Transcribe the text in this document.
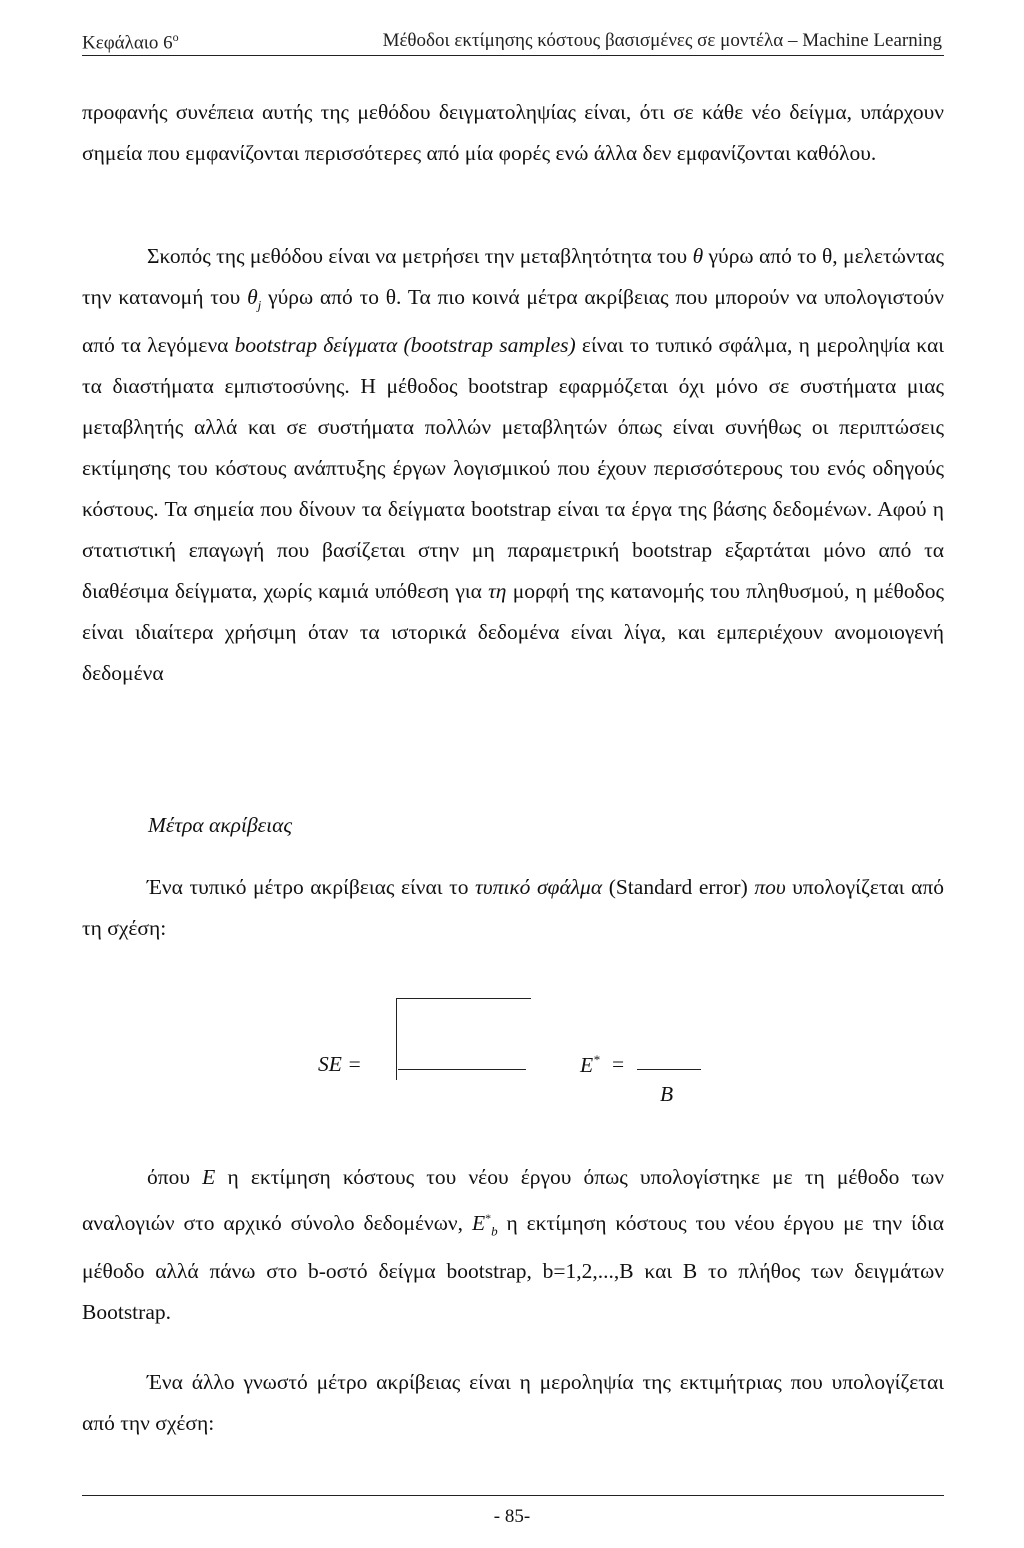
Κεφάλαιο $6^o$	Μέθοδοι εκτίμησης κόστους βασισμένες σε μοντέλα – Machine Learning

προφανής συνέπεια αυτής της μεθόδου δειγματοληψίας είναι, ότι σε κάθε νέο δείγμα, υπάρχουν σημεία που εμφανίζονται περισσότερες από μία φορές ενώ άλλα δεν εμφανίζονται καθόλου.

Σκοπός της μεθόδου είναι να μετρήσει την μεταβλητότητα του θ γύρω από το θ, μελετώντας την κατανομή του $\theta_j$ γύρω από το θ. Τα πιο κοινά μέτρα ακρίβειας που μπορούν να υπολογιστούν από τα λεγόμενα bootstrap δείγματα (bootstrap samples) είναι το τυπικό σφάλμα, η μεροληψία και τα διαστήματα εμπιστοσύνης. Η μέθοδος bootstrap εφαρμόζεται όχι μόνο σε συστήματα μιας μεταβλητής αλλά και σε συστήματα πολλών μεταβλητών όπως είναι συνήθως οι περιπτώσεις εκτίμησης του κόστους ανάπτυξης έργων λογισμικού που έχουν περισσότερους του ενός οδηγούς κόστους. Τα σημεία που δίνουν τα δείγματα bootstrap είναι τα έργα της βάσης δεδομένων. Αφού η στατιστική επαγωγή που βασίζεται στην μη παραμετρική bootstrap εξαρτάται μόνο από τα διαθέσιμα δείγματα, χωρίς καμιά υπόθεση για τη μορφή της κατανομής του πληθυσμού, η μέθοδος είναι ιδιαίτερα χρήσιμη όταν τα ιστορικά δεδομένα είναι λίγα, και εμπεριέχουν ανομοιογενή δεδομένα

Μέτρα ακρίβειας

Ένα τυπικό μέτρο ακρίβειας είναι το τυπικό σφάλμα (Standard error) που υπολογίζεται από τη σχέση:

SE =	E* =
B

όπου E η εκτίμηση κόστους του νέου έργου όπως υπολογίστηκε με τη μέθοδο των αναλογιών στο αρχικό σύνολο δεδομένων, $E^*_b$ η εκτίμηση κόστους του νέου έργου με την ίδια μέθοδο αλλά πάνω στο b-οστό δείγμα bootstrap, b=1,2,...,B και B το πλήθος των δειγμάτων Bootstrap.

Ένα άλλο γνωστό μέτρο ακρίβειας είναι η μεροληψία της εκτιμήτριας που υπολογίζεται από την σχέση:

- 85-
